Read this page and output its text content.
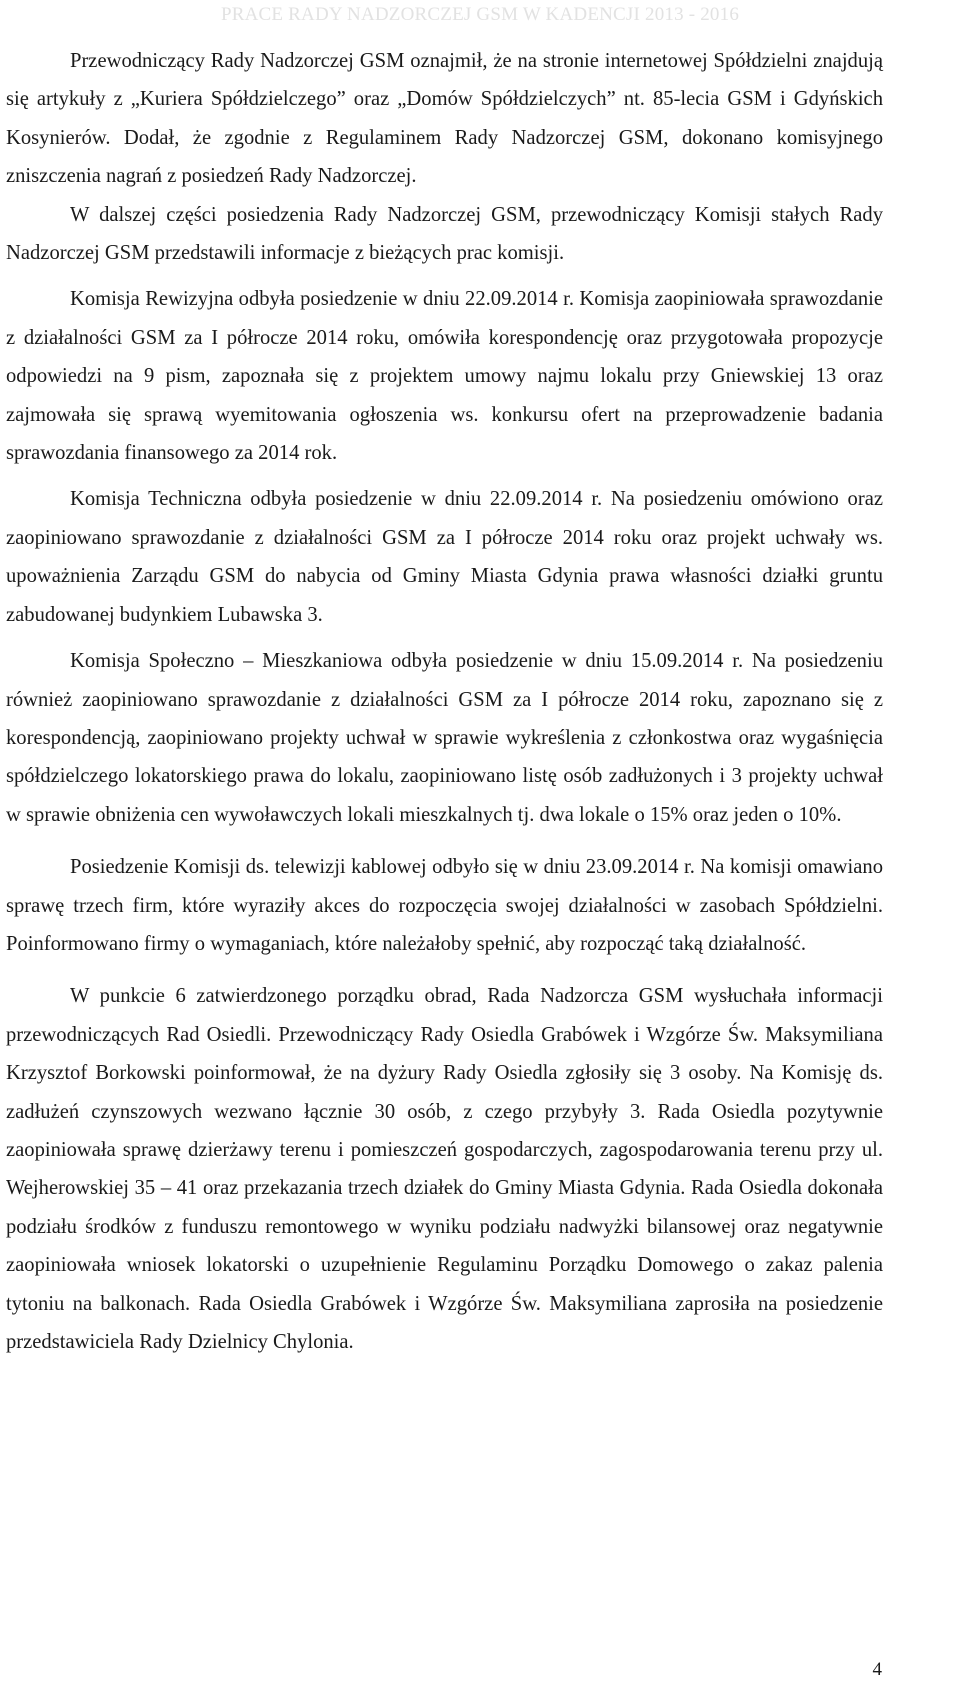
PRACE RADY NADZORCZEJ GSM W KADENCJI 2013 - 2016

Przewodniczący Rady Nadzorczej GSM oznajmił, że na stronie internetowej Spółdzielni znajdują się artykuły z „Kuriera Spółdzielczego” oraz „Domów Spółdzielczych” nt. 85-lecia GSM i Gdyńskich Kosynierów. Dodał, że zgodnie z Regulaminem Rady Nadzorczej GSM, dokonano komisyjnego zniszczenia nagrań z posiedzeń Rady Nadzorczej.

W dalszej części posiedzenia Rady Nadzorczej GSM, przewodniczący Komisji stałych Rady Nadzorczej GSM przedstawili informacje z bieżących prac komisji.

Komisja Rewizyjna odbyła posiedzenie w dniu 22.09.2014 r. Komisja zaopiniowała sprawozdanie z działalności GSM za I półrocze 2014 roku, omówiła korespondencję oraz przygotowała propozycje odpowiedzi na 9 pism, zapoznała się z projektem umowy najmu lokalu przy Gniewskiej 13 oraz zajmowała się sprawą wyemitowania ogłoszenia ws. konkursu ofert na przeprowadzenie badania sprawozdania finansowego za 2014 rok.

Komisja Techniczna odbyła posiedzenie w dniu 22.09.2014 r. Na posiedzeniu omówiono oraz zaopiniowano sprawozdanie z działalności GSM za I półrocze 2014 roku oraz projekt uchwały ws. upoważnienia Zarządu GSM do nabycia od Gminy Miasta Gdynia prawa własności działki gruntu zabudowanej budynkiem Lubawska 3.

Komisja Społeczno – Mieszkaniowa odbyła posiedzenie w dniu 15.09.2014 r. Na posiedzeniu również zaopiniowano sprawozdanie z działalności GSM za I półrocze 2014 roku, zapoznano się z korespondencją, zaopiniowano projekty uchwał w sprawie wykreślenia z członkostwa oraz wygaśnięcia spółdzielczego lokatorskiego prawa do lokalu, zaopiniowano listę osób zadłużonych i 3 projekty uchwał w sprawie obniżenia cen wywoławczych lokali mieszkalnych tj. dwa lokale o 15% oraz jeden o 10%.

Posiedzenie Komisji ds. telewizji kablowej odbyło się w dniu 23.09.2014 r. Na komisji omawiano sprawę trzech firm, które wyraziły akces do rozpoczęcia swojej działalności w zasobach Spółdzielni. Poinformowano firmy o wymaganiach, które należałoby spełnić, aby rozpocząć taką działalność.

W punkcie 6 zatwierdzonego porządku obrad, Rada Nadzorcza GSM wysłuchała informacji przewodniczących Rad Osiedli. Przewodniczący Rady Osiedla Grabówek i Wzgórze Św. Maksymiliana Krzysztof Borkowski poinformował, że na dyżury Rady Osiedla zgłosiły się 3 osoby. Na Komisję ds. zadłużeń czynszowych wezwano łącznie 30 osób, z czego przybyły 3. Rada Osiedla pozytywnie zaopiniowała sprawę dzierżawy terenu i pomieszczeń gospodarczych, zagospodarowania terenu przy ul. Wejherowskiej 35 – 41 oraz przekazania trzech działek do Gminy Miasta Gdynia. Rada Osiedla dokonała podziału środków z funduszu remontowego w wyniku podziału nadwyżki bilansowej oraz negatywnie zaopiniowała wniosek lokatorski o uzupełnienie Regulaminu Porządku Domowego o zakaz palenia tytoniu na balkonach. Rada Osiedla Grabówek i Wzgórze Św. Maksymiliana zaprosiła na posiedzenie przedstawiciela Rady Dzielnicy Chylonia.

4
